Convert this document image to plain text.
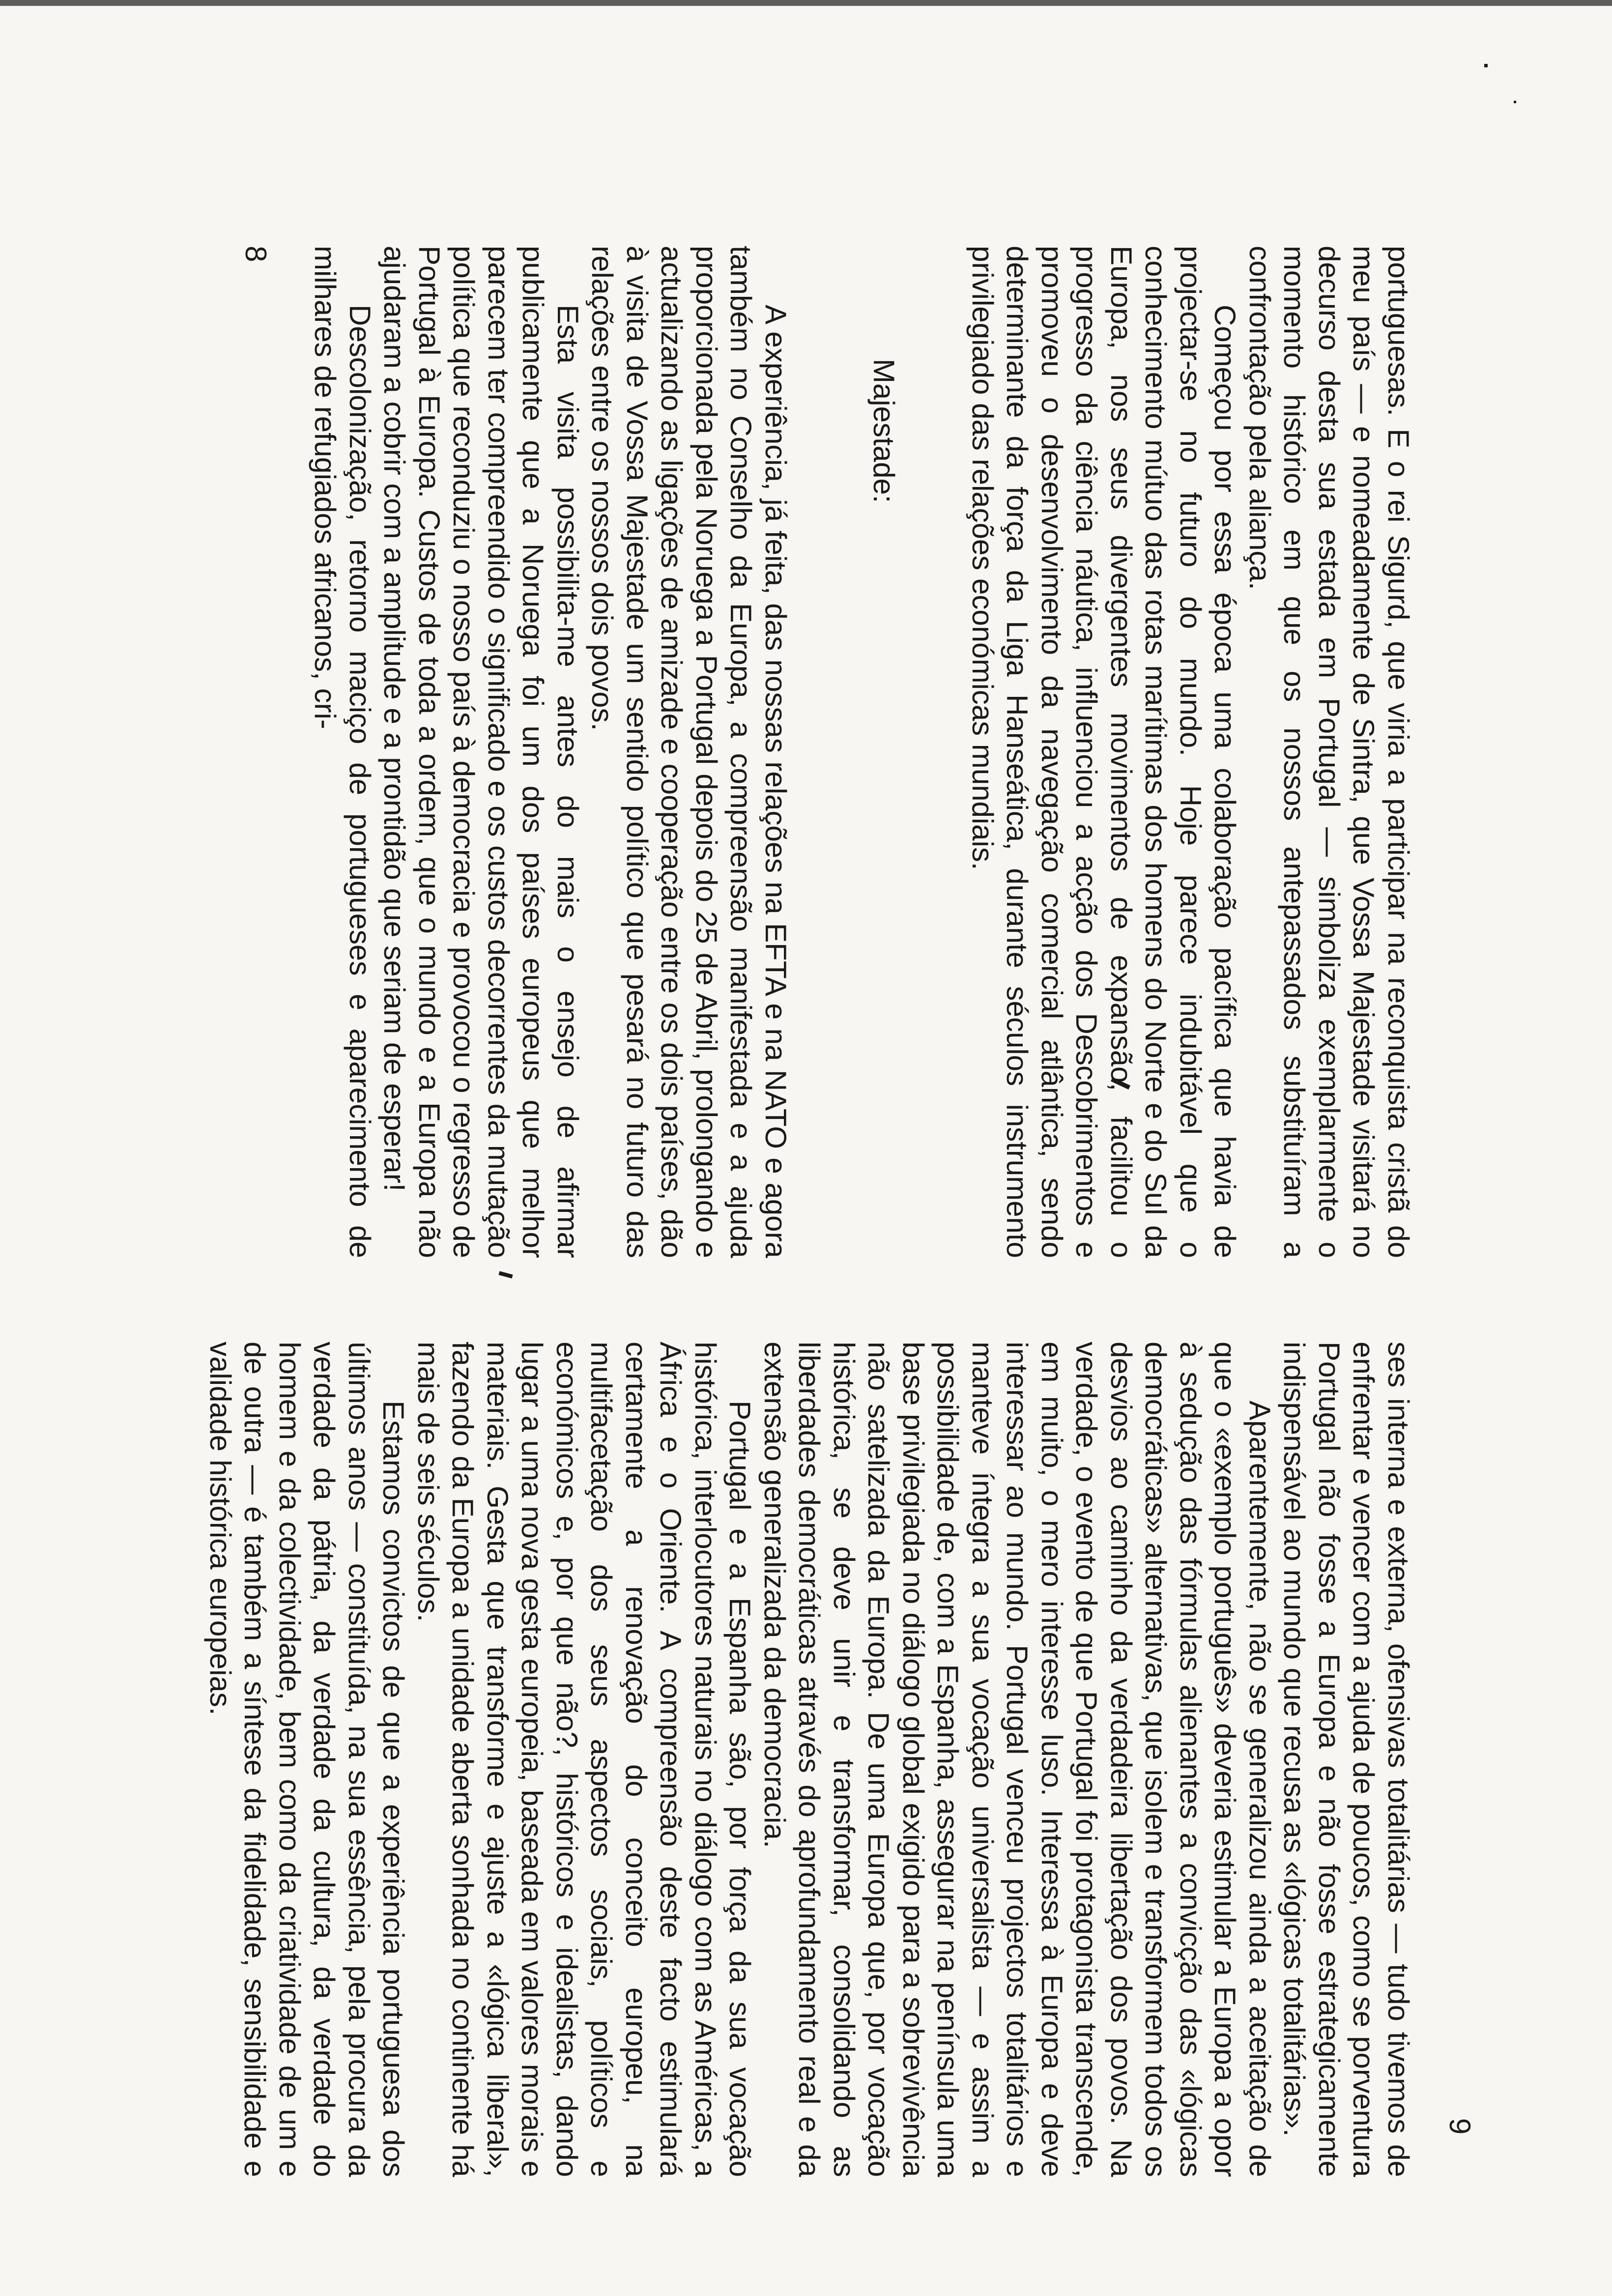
portuguesas. E o rei Sigurd, que viria a participar na reconquista cristã do meu país — e nomeadamente de Sintra, que Vossa Majestade visitará no decurso desta sua estada em Portugal — simboliza exemplarmente o momento histórico em que os nossos antepassados substituíram a confrontação pela aliança.

Começou por essa época uma colaboração pacífica que havia de projectar-se no futuro do mundo. Hoje parece indubitável que o conhecimento mútuo das rotas marítimas dos homens do Norte e do Sul da Europa, nos seus divergentes movimentos de expansão, facilitou o progresso da ciência náutica, influenciou a acção dos Descobrimentos e promoveu o desenvolvimento da navegação comercial atlântica, sendo determinante da força da Liga Hanseática, durante séculos instrumento privilegiado das relações económicas mundiais.

Majestade:

A experiência, já feita, das nossas relações na EFTA e na NATO e agora também no Conselho da Europa, a compreensão manifestada e a ajuda proporcionada pela Noruega a Portugal depois do 25 de Abril, prolongando e actualizando as ligações de amizade e cooperação entre os dois países, dão à visita de Vossa Majestade um sentido político que pesará no futuro das relações entre os nossos dois povos.

Esta visita possibilita-me antes do mais o ensejo de afirmar publicamente que a Noruega foi um dos países europeus que melhor parecem ter compreendido o significado e os custos decorrentes da mutação política que reconduziu o nosso país à democracia e provocou o regresso de Portugal à Europa. Custos de toda a ordem, que o mundo e a Europa não ajudaram a cobrir com a amplitude e a prontidão que seriam de esperar!

Descolonização, retorno maciço de portugueses e aparecimento de milhares de refugiados africanos, cri-

8

ses interna e externa, ofensivas totalitárias — tudo tivemos de enfrentar e vencer com a ajuda de poucos, como se porventura Portugal não fosse a Europa e não fosse estrategicamente indispensável ao mundo que recusa as «lógicas totalitárias».

Aparentemente, não se generalizou ainda a aceitação de que o «exemplo português» deveria estimular a Europa a opor à sedução das fórmulas alienantes a convicção das «lógicas democráticas» alternativas, que isolem e transformem todos os desvios ao caminho da verdadeira libertação dos povos. Na verdade, o evento de que Portugal foi protagonista transcende, em muito, o mero interesse luso. Interessa à Europa e deve interessar ao mundo. Portugal venceu projectos totalitários e manteve íntegra a sua vocação universalista — e assim a possibilidade de, com a Espanha, assegurar na península uma base privilegiada no diálogo global exigido para a sobrevivência não satelizada da Europa. De uma Europa que, por vocação histórica, se deve unir e transformar, consolidando as liberdades democráticas através do aprofundamento real e da extensão generalizada da democracia.

Portugal e a Espanha são, por força da sua vocação histórica, interlocutores naturais no diálogo com as Américas, a África e o Oriente. A compreensão deste facto estimulará certamente a renovação do conceito europeu, na multifacetação dos seus aspectos sociais, políticos e económicos e, por que não?, históricos e idealistas, dando lugar a uma nova gesta europeia, baseada em valores morais e materiais. Gesta que transforme e ajuste a «lógica liberal», fazendo da Europa a unidade aberta sonhada no continente há mais de seis séculos.

Estamos convictos de que a experiência portuguesa dos últimos anos — constituída, na sua essência, pela procura da verdade da pátria, da verdade da cultura, da verdade do homem e da colectividade, bem como da criatividade de um e de outra — é também a síntese da fidelidade, sensibilidade e validade histórica europeias.

9
